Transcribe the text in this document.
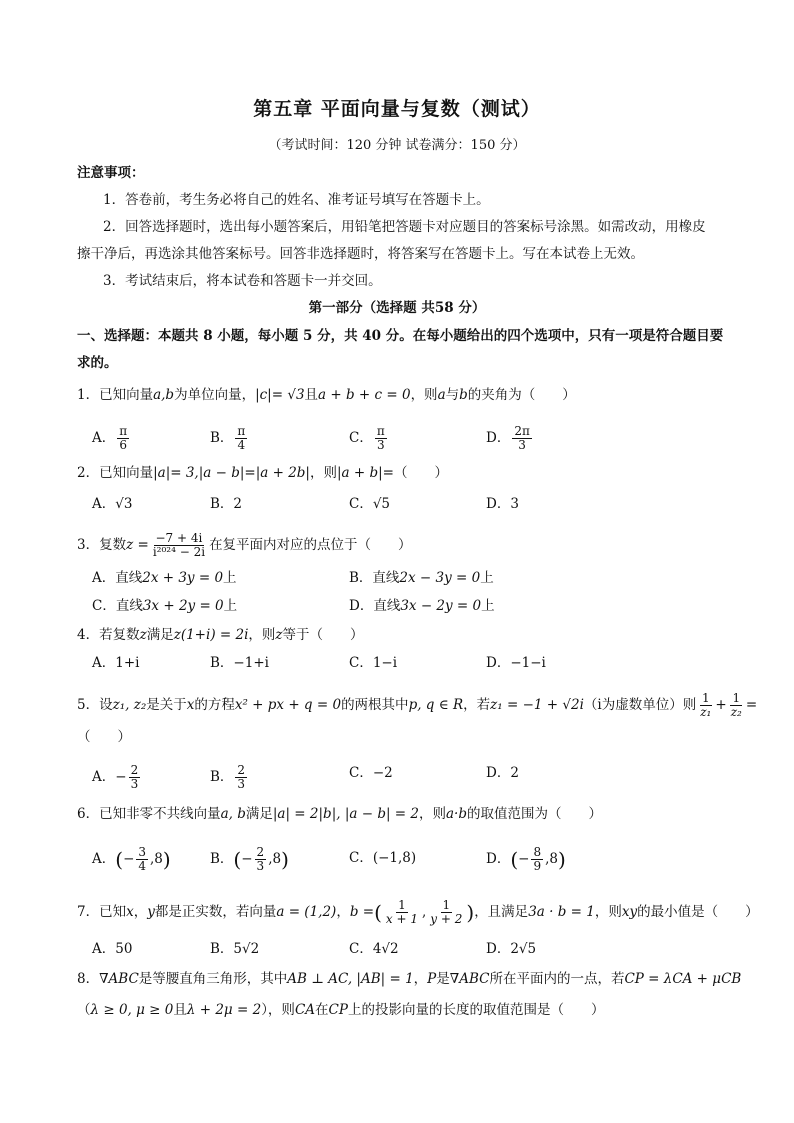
第五章 平面向量与复数（测试）
（考试时间：120 分钟 试卷满分：150 分）
注意事项：
1．答卷前，考生务必将自己的姓名、准考证号填写在答题卡上。
2．回答选择题时，选出每小题答案后，用铅笔把答题卡对应题目的答案标号涂黑。如需改动，用橡皮
擦干净后，再选涂其他答案标号。回答非选择题时，将答案写在答题卡上。写在本试卷上无效。
3．考试结束后，将本试卷和答题卡一并交回。
第一部分（选择题 共58 分）
一、选择题：本题共 8 小题，每小题 5 分，共 40 分。在每小题给出的四个选项中，只有一项是符合题目要
求的。
1．已知向量a,b为单位向量，|c|= √3且a + b + c = 0，则a与b的夹角为（　　）
A． $\frac{\pi}{6}$	B． $\frac{\pi}{4}$	C． $\frac{\pi}{3}$	D． $\frac{2\pi}{3}$
2．已知向量|a|= 3,|a − b|=|a + 2b|，则|a + b|=（　　）
A．√3	B．2	C．√5	D．3
3．复数$z = \frac{-7 + 4i}{\text{i²⁰²⁴ − 2i}}$ 在复平面内对应的点位于（　　）
A．直线2x + 3y = 0上	B．直线2x − 3y = 0上
C．直线3x + 2y = 0上	D．直线3x − 2y = 0上
4．若复数z满足z(1+i) = 2i，则z等于（　　）
A．1+i	B．−1+i	C．1−i	D．−1−i
5．设z₁, z₂是关于x的方程x² + px + q = 0的两根其中p, q ∈ R，若z₁ = −1 + √2i（i为虚数单位）则 $\frac{1}{\text{z₁}} + \frac{1}{\text{z₂}}$ =
（　　）
A．− $\frac{2}{3}$	B． $\frac{2}{3}$	C．−2	D．2
6．已知非零不共线向量a, b满足|a| = 2|b|, |a − b| = 2，则a·b的取值范围为（　　）
A．(− $\frac{3}{4} ,8$)	B．(− $\frac{2}{3} ,8$)	C．(−1,8)	D．(− $\frac{8}{9} ,8$)
7．已知x，y都是正实数，若向量a = (1,2)，b =( $\frac{1}{x + 1}$ , $\frac{1}{y + 2}$ )，且满足3a · b = 1，则xy的最小值是（　　）
A．50	B．5√2	C．4√2	D．2√5
8．∇ABC是等腰直角三角形，其中AB ⊥ AC, |AB| = 1，P是∇ABC所在平面内的一点，若CP = λCA + μCB
（λ ≥ 0, μ ≥ 0且λ + 2μ = 2），则CA在CP上的投影向量的长度的取值范围是（　　）
